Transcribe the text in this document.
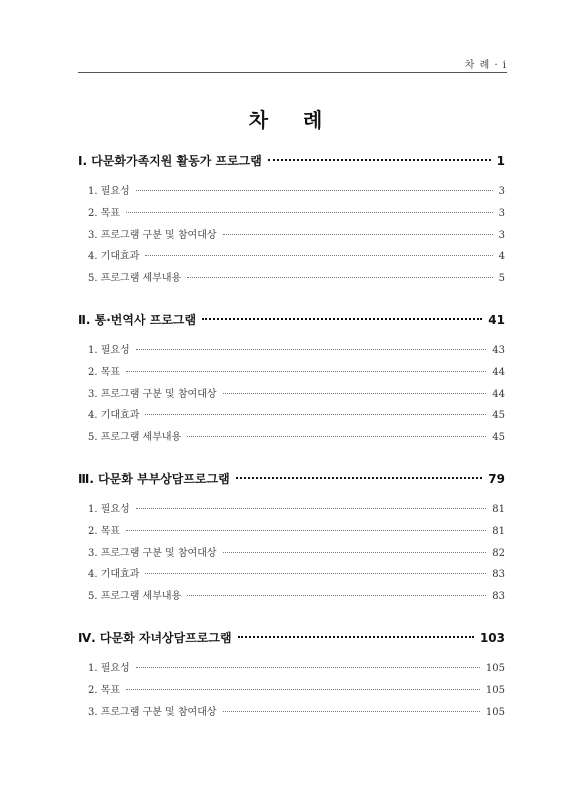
차 례 · i
차 례
Ⅰ. 다문화가족지원 활동가 프로그램	1
1. 필요성	3
2. 목표	3
3. 프로그램 구분 및 참여대상	3
4. 기대효과	4
5. 프로그램 세부내용	5
Ⅱ. 통·번역사 프로그램	41
1. 필요성	43
2. 목표	44
3. 프로그램 구분 및 참여대상	44
4. 기대효과	45
5. 프로그램 세부내용	45
Ⅲ. 다문화 부부상담프로그램	79
1. 필요성	81
2. 목표	81
3. 프로그램 구분 및 참여대상	82
4. 기대효과	83
5. 프로그램 세부내용	83
Ⅳ. 다문화 자녀상담프로그램	103
1. 필요성	105
2. 목표	105
3. 프로그램 구분 및 참여대상	105
